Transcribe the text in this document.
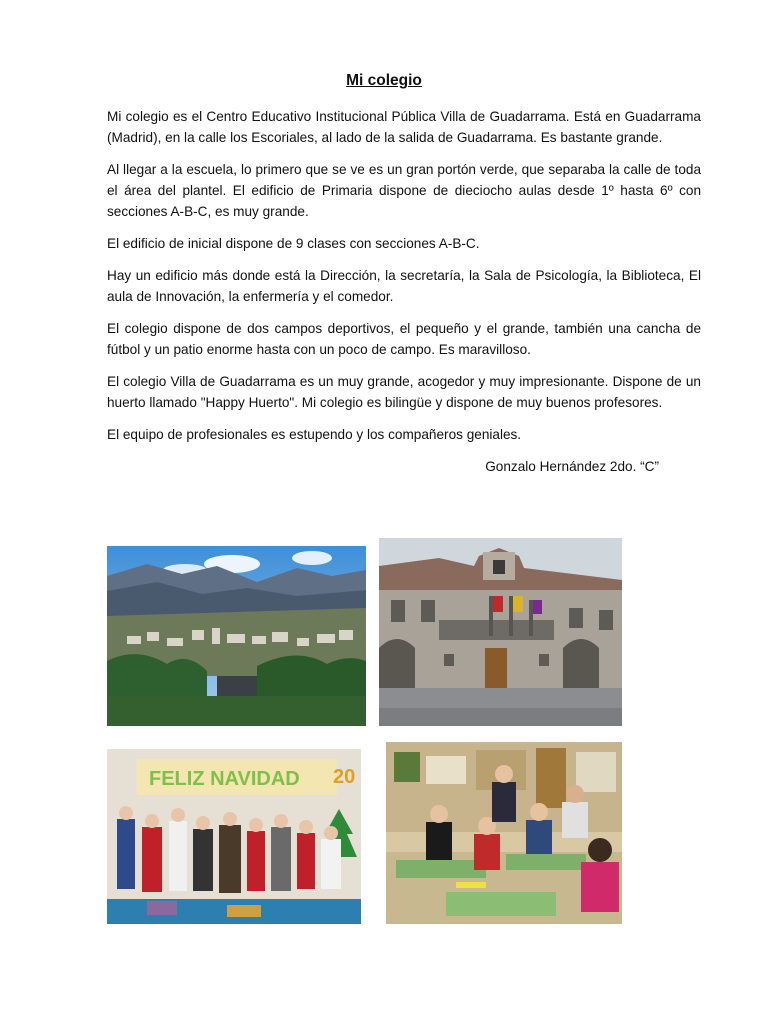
Mi colegio

Mi colegio es el Centro Educativo Institucional Pública Villa de Guadarrama. Está en Guadarrama (Madrid), en la calle los Escoriales, al lado de la salida de Guadarrama. Es bastante grande.

Al llegar a la escuela, lo primero que se ve es un gran portón verde, que separaba la calle de toda el área del plantel. El edificio de Primaria dispone de dieciocho aulas desde 1º hasta 6º con secciones A-B-C, es muy grande.

El edificio de inicial dispone de 9 clases con secciones A-B-C.

Hay un edificio más donde está la Dirección, la secretaría, la Sala de Psicología, la Biblioteca, El aula de Innovación, la enfermería y el comedor.

El colegio dispone de dos campos deportivos, el pequeño y el grande, también una cancha de fútbol y un patio enorme hasta con un poco de campo. Es maravilloso.

El colegio Villa de Guadarrama es un muy grande, acogedor y muy impresionante. Dispone de un huerto llamado "Happy Huerto". Mi colegio es bilingüe y dispone de muy buenos profesores.

El equipo de profesionales es estupendo y los compañeros geniales.

Gonzalo Hernández 2do. “C”
FELIZ NAVIDAD 20
